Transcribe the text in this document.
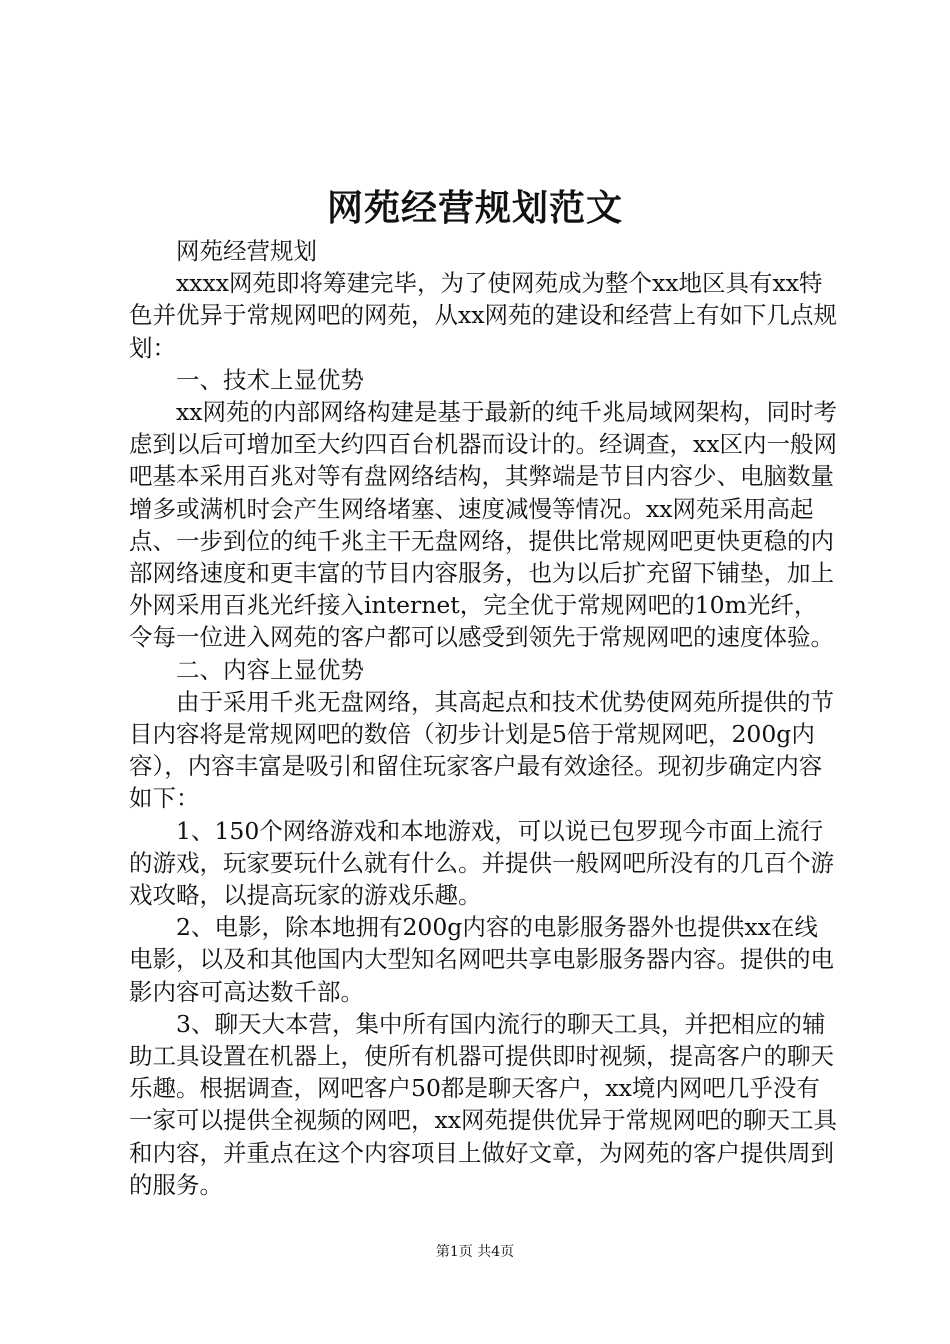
网苑经营规划范文

网苑经营规划

xxxx网苑即将筹建完毕，为了使网苑成为整个xx地区具有xx特色并优异于常规网吧的网苑，从xx网苑的建设和经营上有如下几点规划：

一、技术上显优势

xx网苑的内部网络构建是基于最新的纯千兆局域网架构，同时考虑到以后可增加至大约四百台机器而设计的。经调查，xx区内一般网吧基本采用百兆对等有盘网络结构，其弊端是节目内容少、电脑数量增多或满机时会产生网络堵塞、速度减慢等情况。xx网苑采用高起点、一步到位的纯千兆主干无盘网络，提供比常规网吧更快更稳的内部网络速度和更丰富的节目内容服务，也为以后扩充留下铺垫，加上外网采用百兆光纤接入internet，完全优于常规网吧的10m光纤，令每一位进入网苑的客户都可以感受到领先于常规网吧的速度体验。

二、内容上显优势

由于采用千兆无盘网络，其高起点和技术优势使网苑所提供的节目内容将是常规网吧的数倍（初步计划是5倍于常规网吧，200g内容），内容丰富是吸引和留住玩家客户最有效途径。现初步确定内容如下：

1、150个网络游戏和本地游戏，可以说已包罗现今市面上流行的游戏，玩家要玩什么就有什么。并提供一般网吧所没有的几百个游戏攻略，以提高玩家的游戏乐趣。

2、电影，除本地拥有200g内容的电影服务器外也提供xx在线电影，以及和其他国内大型知名网吧共享电影服务器内容。提供的电影内容可高达数千部。

3、聊天大本营，集中所有国内流行的聊天工具，并把相应的辅助工具设置在机器上，使所有机器可提供即时视频，提高客户的聊天乐趣。根据调查，网吧客户50都是聊天客户，xx境内网吧几乎没有一家可以提供全视频的网吧，xx网苑提供优异于常规网吧的聊天工具和内容，并重点在这个内容项目上做好文章，为网苑的客户提供周到的服务。

第1页 共4页
